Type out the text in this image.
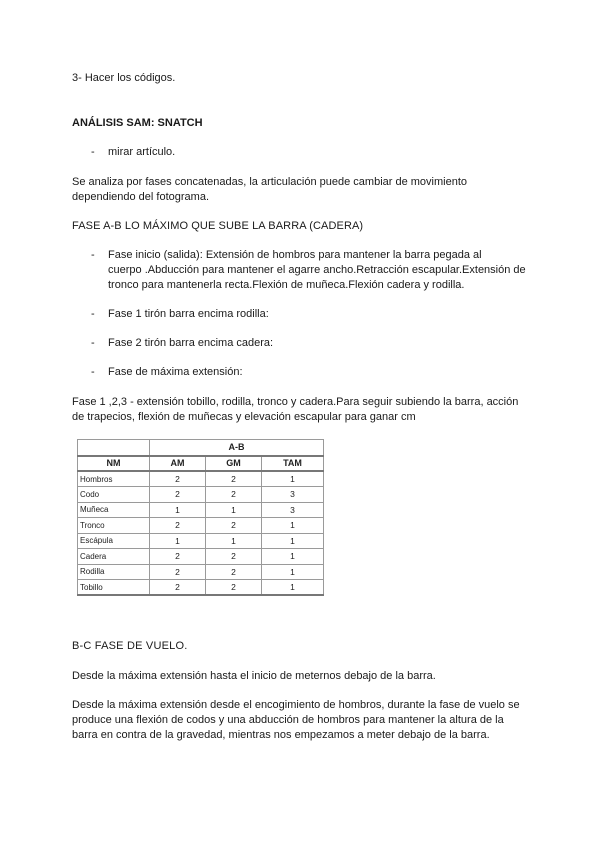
3- Hacer los códigos.
ANÁLISIS SAM: SNATCH
- mirar artículo.
Se analiza por fases concatenadas, la articulación puede cambiar de movimiento
dependiendo del fotograma.
FASE A-B LO MÁXIMO QUE SUBE LA BARRA (CADERA)
- Fase inicio (salida): Extensión de hombros para mantener la barra pegada al
cuerpo .Abducción para mantener el agarre ancho.Retracción escapular.Extensión de
tronco para mantenerla recta.Flexión de muñeca.Flexión cadera y rodilla.
- Fase 1 tirón barra encima rodilla:
- Fase 2 tirón barra encima cadera:
- Fase de máxima extensión:
Fase 1 ,2,3 - extensión tobillo, rodilla, tronco y cadera.Para seguir subiendo la barra, acción
de trapecios, flexión de muñecas y elevación escapular para ganar cm
	A-B		
NM	AM	GM	TAM
Hombros	2	2	1
Codo	2	2	3
Muñeca	1	1	3
Tronco	2	2	1
Escápula	1	1	1
Cadera	2	2	1
Rodilla	2	2	1
Tobillo	2	2	1
B-C FASE DE VUELO.
Desde la máxima extensión hasta el inicio de meternos debajo de la barra.
Desde la máxima extensión desde el encogimiento de hombros, durante la fase de vuelo se
produce una flexión de codos y una abducción de hombros para mantener la altura de la
barra en contra de la gravedad, mientras nos empezamos a meter debajo de la barra.
